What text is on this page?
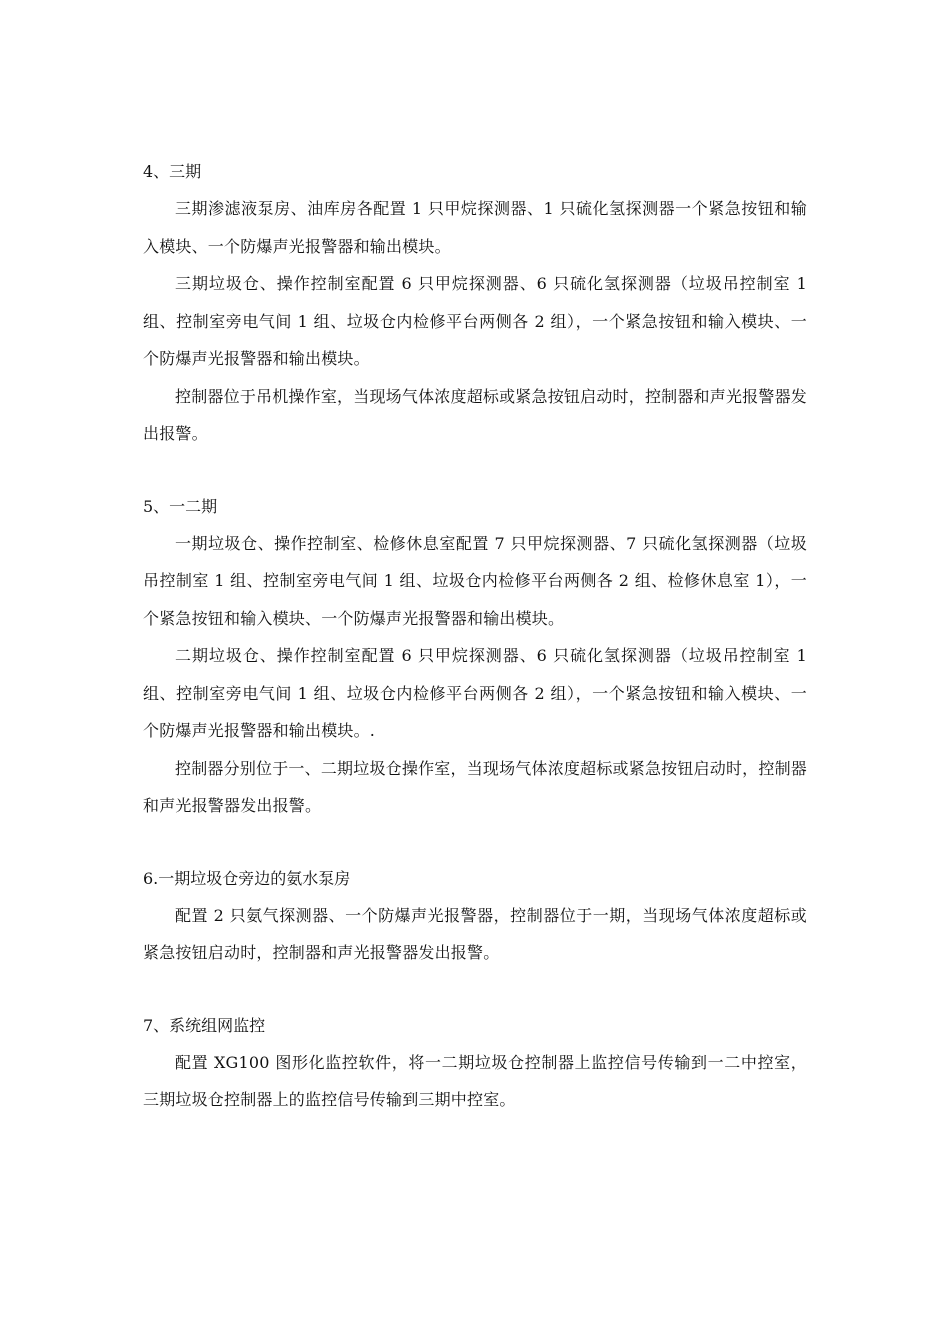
4、三期

三期渗滤液泵房、油库房各配置 1 只甲烷探测器、1 只硫化氢探测器一个紧急按钮和输入模块、一个防爆声光报警器和输出模块。

三期垃圾仓、操作控制室配置 6 只甲烷探测器、6 只硫化氢探测器（垃圾吊控制室 1 组、控制室旁电气间 1 组、垃圾仓内检修平台两侧各 2 组），一个紧急按钮和输入模块、一个防爆声光报警器和输出模块。

控制器位于吊机操作室，当现场气体浓度超标或紧急按钮启动时，控制器和声光报警器发出报警。

5、一二期

一期垃圾仓、操作控制室、检修休息室配置 7 只甲烷探测器、7 只硫化氢探测器（垃圾吊控制室 1 组、控制室旁电气间 1 组、垃圾仓内检修平台两侧各 2 组、检修休息室 1），一个紧急按钮和输入模块、一个防爆声光报警器和输出模块。

二期垃圾仓、操作控制室配置 6 只甲烷探测器、6 只硫化氢探测器（垃圾吊控制室 1 组、控制室旁电气间 1 组、垃圾仓内检修平台两侧各 2 组），一个紧急按钮和输入模块、一个防爆声光报警器和输出模块。.

控制器分别位于一、二期垃圾仓操作室，当现场气体浓度超标或紧急按钮启动时，控制器和声光报警器发出报警。

6.一期垃圾仓旁边的氨水泵房

配置 2 只氨气探测器、一个防爆声光报警器，控制器位于一期，当现场气体浓度超标或紧急按钮启动时，控制器和声光报警器发出报警。

7、系统组网监控

配置 XG100 图形化监控软件，将一二期垃圾仓控制器上监控信号传输到一二中控室，三期垃圾仓控制器上的监控信号传输到三期中控室。
